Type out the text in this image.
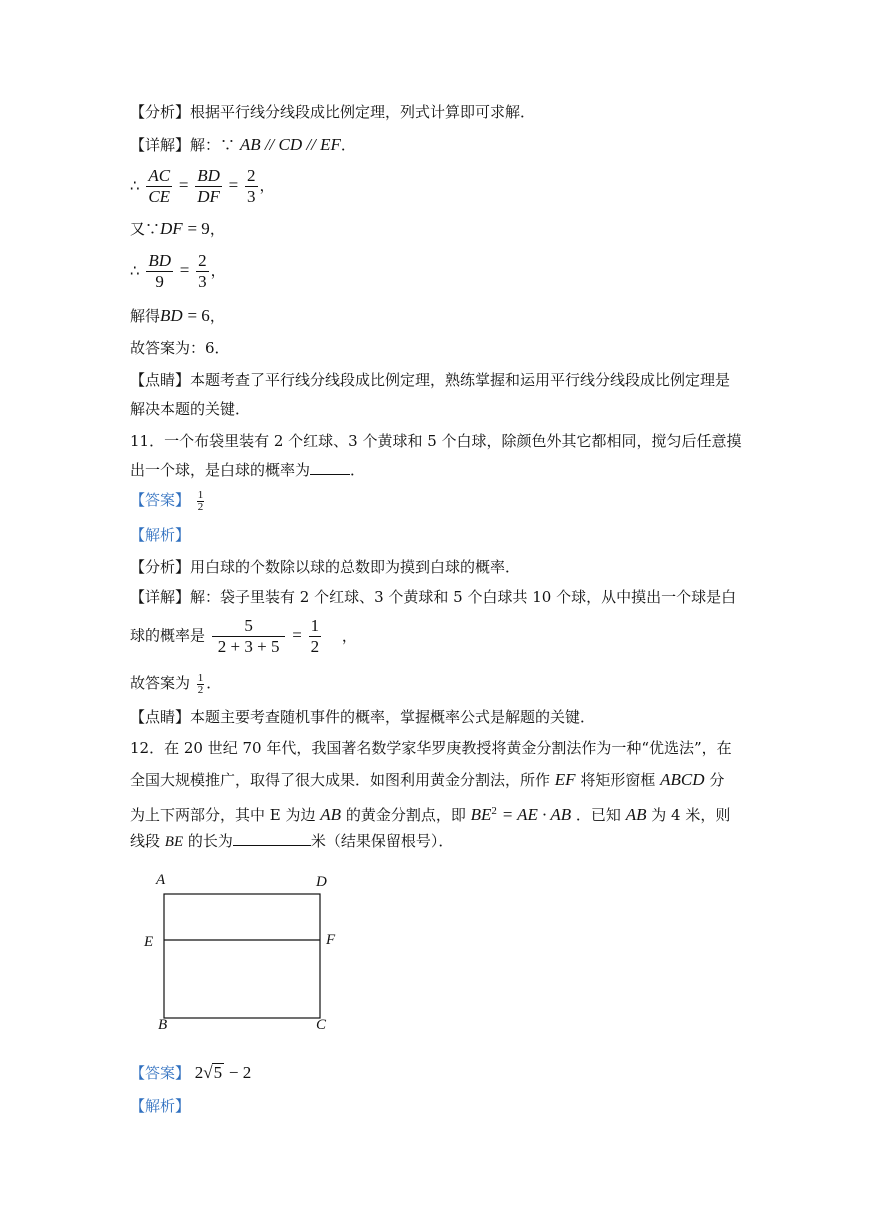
【分析】根据平行线分线段成比例定理，列式计算即可求解．
【详解】解：∵ AB // CD // EF．
∴ $\frac{AC}{CE} = \frac{BD}{DF} = \frac{2}{3}$ ，
又∵DF = 9，
∴ $\frac{BD}{9} = \frac{2}{3}$ ，
解得BD = 6，
故答案为：6．
【点睛】本题考查了平行线分线段成比例定理，熟练掌握和运用平行线分线段成比例定理是
解决本题的关键．
11．一个布袋里装有 2 个红球、3 个黄球和 5 个白球，除颜色外其它都相同，搅匀后任意摸
出一个球，是白球的概率为	．
【答案】 $\frac{1}{2}$
【解析】
【分析】用白球的个数除以球的总数即为摸到白球的概率．
【详解】解：袋子里装有 2 个红球、3 个黄球和 5 个白球共 10 个球，从中摸出一个球是白
球的概率是 $\frac{5}{2 + 3 + 5} = \frac{1}{2}$ ，
故答案为 $\frac{1}{2}$ ．
【点睛】本题主要考查随机事件的概率，掌握概率公式是解题的关键．
12．在 20 世纪 70 年代，我国著名数学家华罗庚教授将黄金分割法作为一种“优选法”，在
全国大规模推广，取得了很大成果．如图利用黄金分割法，所作 EF 将矩形窗框 ABCD 分
为上下两部分，其中 E 为边 AB 的黄金分割点，即 $BE^2$ = AE · AB ．已知 AB 为 4 米，则
线段 BE 的长为	米（结果保留根号）．
A	D
E	F
B	C
【答案】 2√5 − 2
【解析】
